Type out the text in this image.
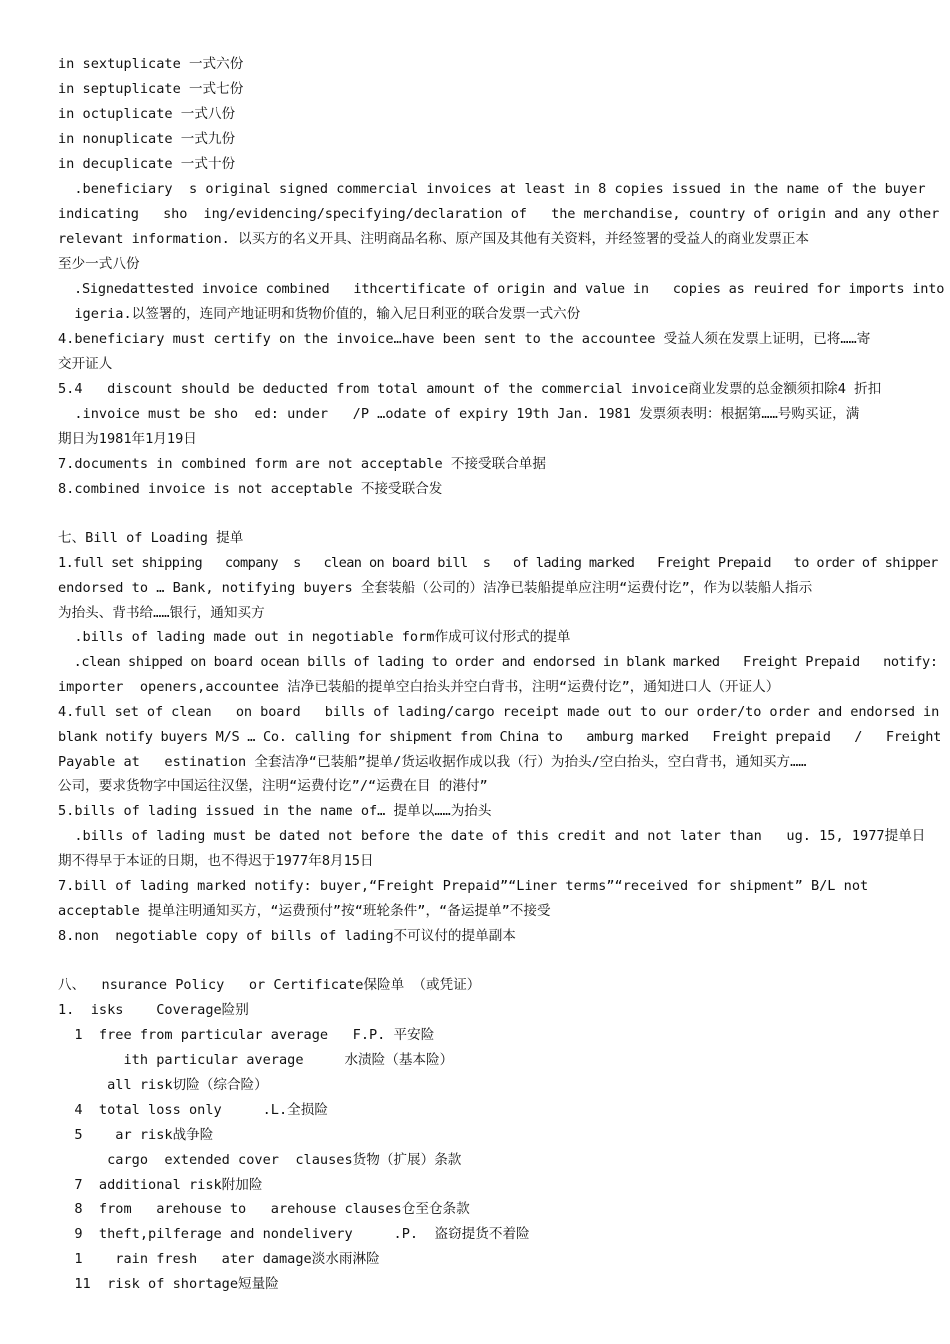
in sextuplicate 一式六份
in septuplicate 一式七份
in octuplicate 一式八份
in nonuplicate 一式九份
in decuplicate 一式十份
.beneficiary  s original signed commercial invoices at least in 8 copies issued in the name of the buyer
indicating   sho  ing/evidencing/specifying/declaration of   the merchandise, country of origin and any other
relevant information. 以买方的名义开具、注明商品名称、原产国及其他有关资料，并经签署的受益人的商业发票正本
至少一式八份
.Signedattested invoice combined   ithcertificate of origin and value in   copies as reuired for imports into
igeria.以签署的，连同产地证明和货物价值的，输入尼日利亚的联合发票一式六份
4.beneficiary must certify on the invoice…have been sent to the accountee 受益人须在发票上证明，已将……寄
交开证人
5.4   discount should be deducted from total amount of the commercial invoice商业发票的总金额须扣除4 折扣
.invoice must be sho  ed: under   /P …odate of expiry 19th Jan. 1981 发票须表明：根据第……号购买证，满
期日为1981年1月19日
7.documents in combined form are not acceptable 不接受联合单据
8.combined invoice is not acceptable 不接受联合发
七、Bill of Loading 提单
1.full set shipping   company  s   clean on board bill  s   of lading marked   Freight Prepaid   to order of shipper
endorsed to … Bank, notifying buyers 全套装船（公司的）洁净已装船提单应注明“运费付讫”，作为以装船人指示
为抬头、背书给……银行，通知买方
.bills of lading made out in negotiable form作成可议付形式的提单
.clean shipped on board ocean bills of lading to order and endorsed in blank marked   Freight Prepaid   notify:
importer  openers,accountee 洁净已装船的提单空白抬头并空白背书，注明“运费付讫”，通知进口人（开证人）
4.full set of clean   on board   bills of lading/cargo receipt made out to our order/to order and endorsed in
blank notify buyers M/S … Co. calling for shipment from China to   amburg marked   Freight prepaid   /   Freight
Payable at   estination 全套洁净“已装船”提单/货运收据作成以我（行）为抬头/空白抬头，空白背书，通知买方……
公司，要求货物字中国运往汉堡，注明“运费付讫”/“运费在目 的港付”
5.bills of lading issued in the name of… 提单以……为抬头
.bills of lading must be dated not before the date of this credit and not later than   ug. 15, 1977提单日
期不得早于本证的日期，也不得迟于1977年8月15日
7.bill of lading marked notify: buyer,“Freight Prepaid”“Liner terms”“received for shipment” B/L not
acceptable 提单注明通知买方，“运费预付”按“班轮条件”，“备运提单”不接受
8.non  negotiable copy of bills of lading不可议付的提单副本
八、  nsurance Policy   or Certificate保险单 （或凭证）
1.  isks    Coverage险别
1  free from particular average   F.P. 平安险
ith particular average     水渍险（基本险）
all risk切险（综合险）
4  total loss only     .L.全损险
5    ar risk战争险
cargo  extended cover  clauses货物（扩展）条款
7  additional risk附加险
8  from   arehouse to   arehouse clauses仓至仓条款
9  theft,pilferage and nondelivery     .P.  盗窃提货不着险
1    rain fresh   ater damage淡水雨淋险
11  risk of shortage短量险
